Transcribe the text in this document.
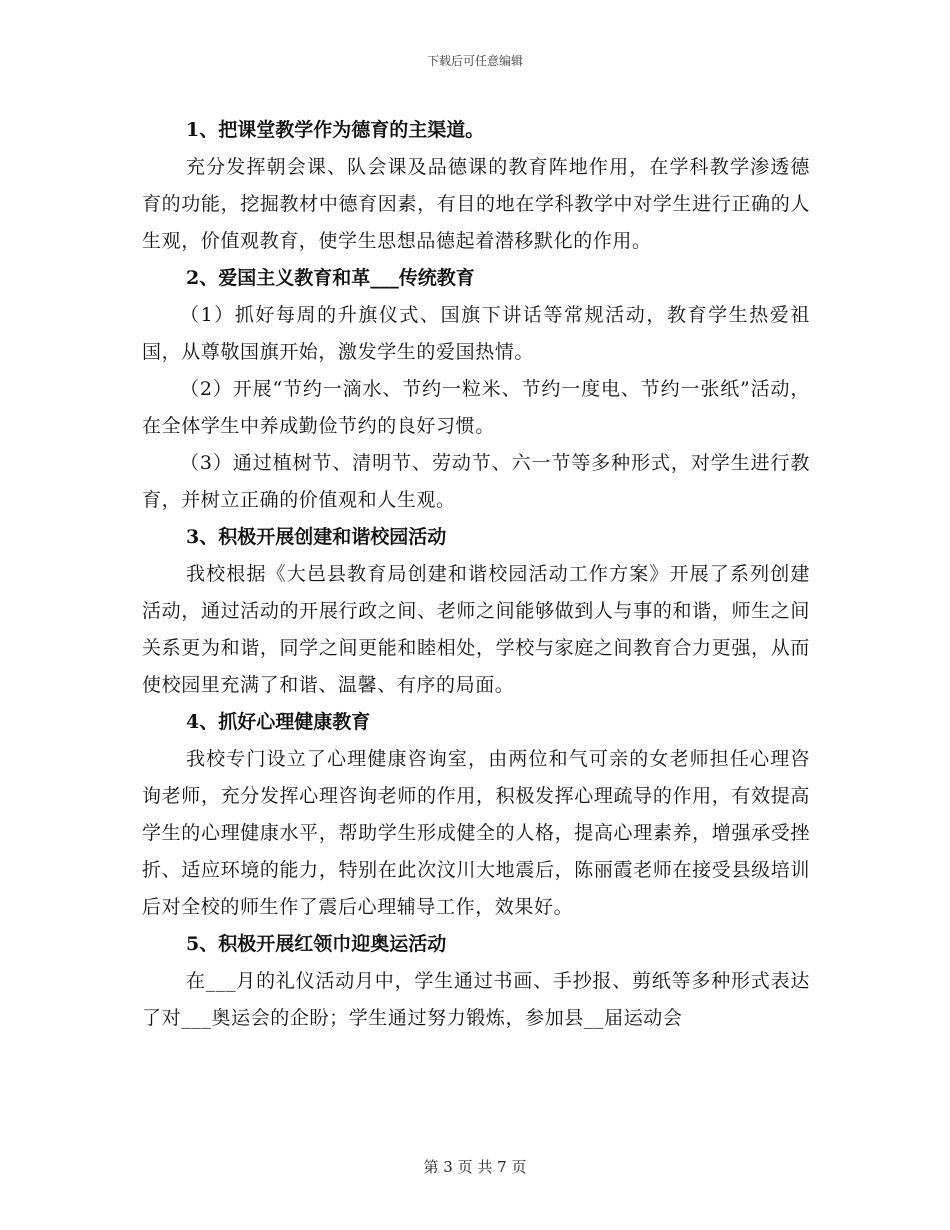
下载后可任意编辑

1、把课堂教学作为德育的主渠道。

充分发挥朝会课、队会课及品德课的教育阵地作用，在学科教学渗透德育的功能，挖掘教材中德育因素，有目的地在学科教学中对学生进行正确的人生观，价值观教育，使学生思想品德起着潜移默化的作用。

2、爱国主义教育和革___传统教育

（1）抓好每周的升旗仪式、国旗下讲话等常规活动，教育学生热爱祖国，从尊敬国旗开始，激发学生的爱国热情。

（2）开展“节约一滴水、节约一粒米、节约一度电、节约一张纸”活动，在全体学生中养成勤俭节约的良好习惯。

（3）通过植树节、清明节、劳动节、六一节等多种形式，对学生进行教育，并树立正确的价值观和人生观。

3、积极开展创建和谐校园活动

我校根据《大邑县教育局创建和谐校园活动工作方案》开展了系列创建活动，通过活动的开展行政之间、老师之间能够做到人与事的和谐，师生之间关系更为和谐，同学之间更能和睦相处，学校与家庭之间教育合力更强，从而使校园里充满了和谐、温馨、有序的局面。

4、抓好心理健康教育

我校专门设立了心理健康咨询室，由两位和气可亲的女老师担任心理咨询老师，充分发挥心理咨询老师的作用，积极发挥心理疏导的作用，有效提高学生的心理健康水平，帮助学生形成健全的人格，提高心理素养，增强承受挫折、适应环境的能力，特别在此次汶川大地震后，陈丽霞老师在接受县级培训后对全校的师生作了震后心理辅导工作，效果好。

5、积极开展红领巾迎奥运活动

在___月的礼仪活动月中，学生通过书画、手抄报、剪纸等多种形式表达了对___奥运会的企盼；学生通过努力锻炼，参加县__届运动会

第 3 页 共 7 页
